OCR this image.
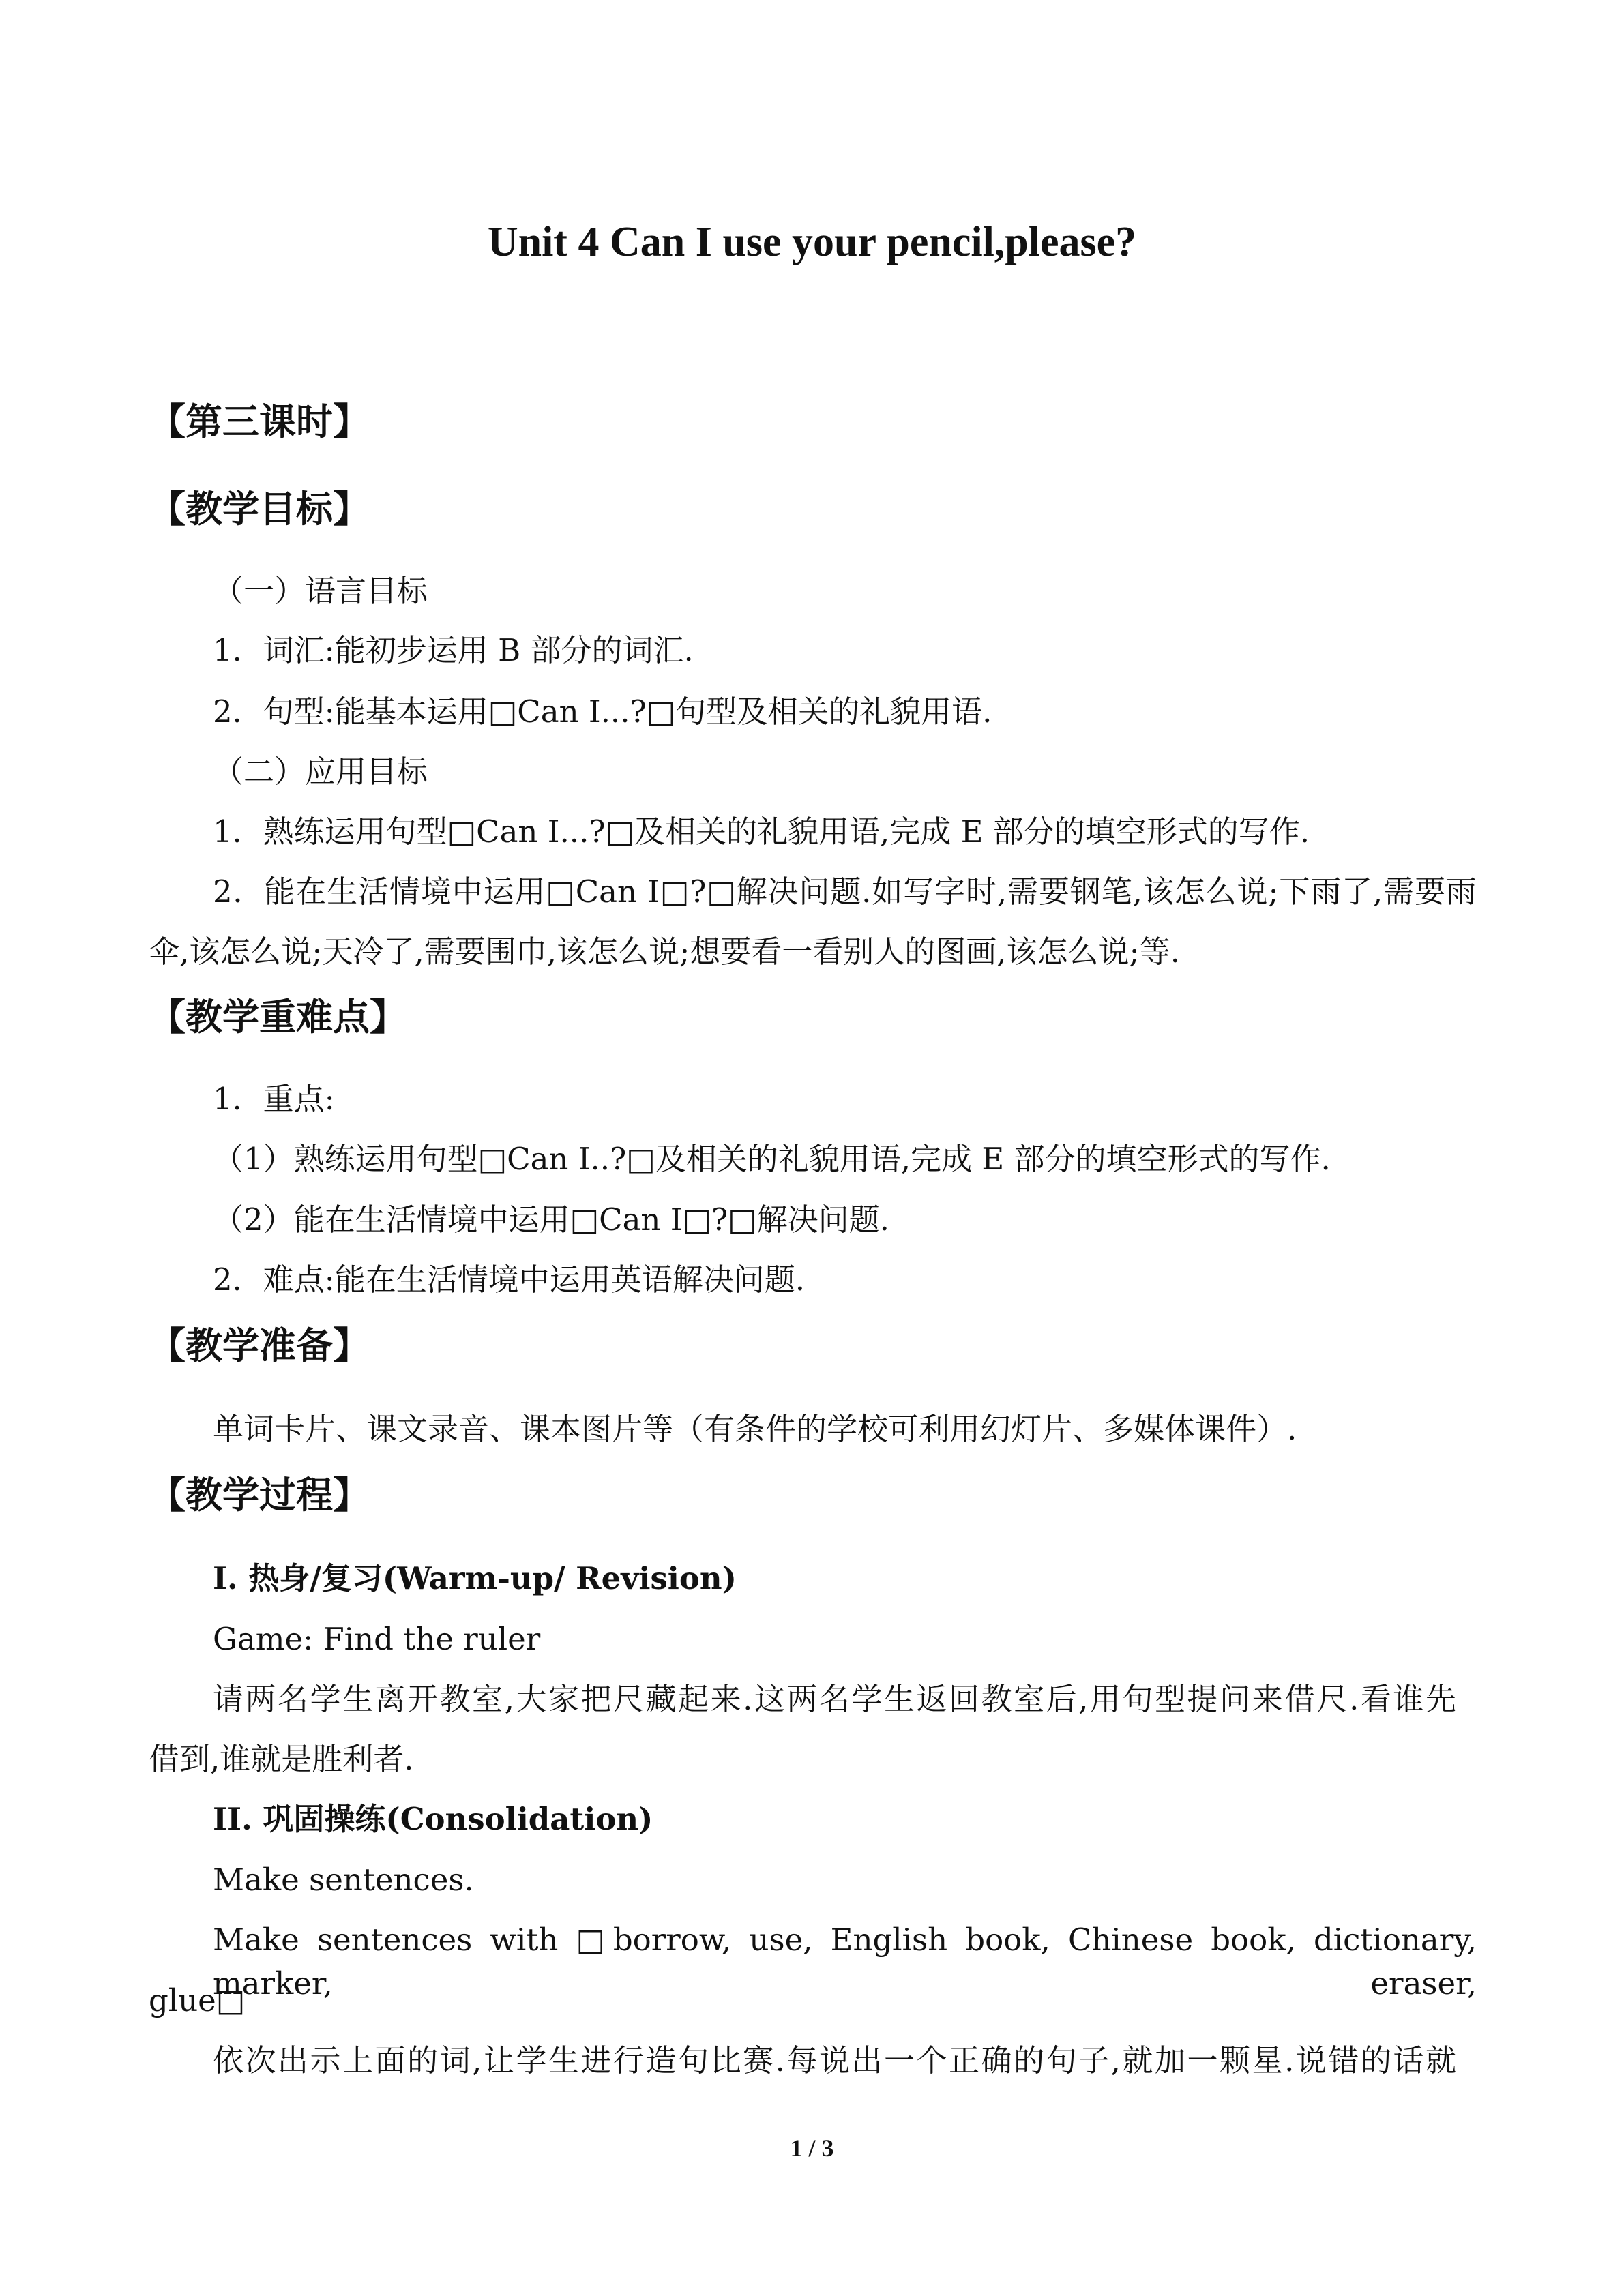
Unit 4 Can I use your pencil,please?
【第三课时】
【教学目标】
（一）语言目标
1．词汇:能初步运用 B 部分的词汇.
2．句型:能基本运用□Can I...?□句型及相关的礼貌用语.
（二）应用目标
1．熟练运用句型□Can I...?□及相关的礼貌用语,完成 E 部分的填空形式的写作.
2．能在生活情境中运用□Can I□?□解决问题.如写字时,需要钢笔,该怎么说;下雨了,需要雨
伞,该怎么说;天冷了,需要围巾,该怎么说;想要看一看别人的图画,该怎么说;等.
【教学重难点】
1．重点:
（1）熟练运用句型□Can I..?□及相关的礼貌用语,完成 E 部分的填空形式的写作.
（2）能在生活情境中运用□Can I□?□解决问题.
2．难点:能在生活情境中运用英语解决问题.
【教学准备】
单词卡片、课文录音、课本图片等（有条件的学校可利用幻灯片、多媒体课件）.
【教学过程】
I. 热身/复习(Warm-up/ Revision)
Game: Find the ruler
请两名学生离开教室,大家把尺藏起来.这两名学生返回教室后,用句型提问来借尺.看谁先
借到,谁就是胜利者.
II. 巩固操练(Consolidation)
Make sentences.
Make sentences with □borrow, use, English book, Chinese book, dictionary, marker, eraser,
glue□
依次出示上面的词,让学生进行造句比赛.每说出一个正确的句子,就加一颗星.说错的话就
1 / 3
